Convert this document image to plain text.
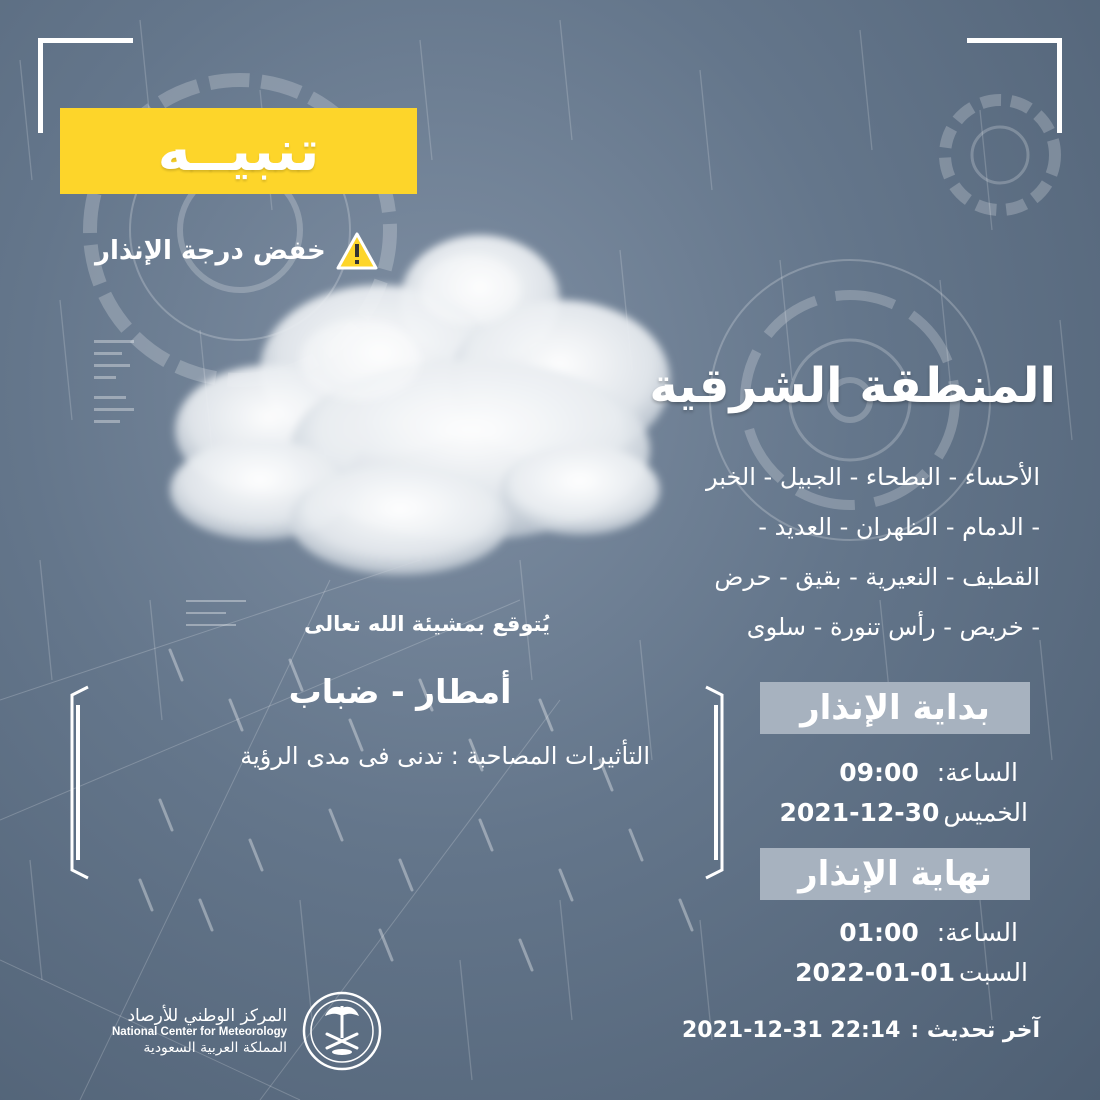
تنبيــه
خفض درجة الإنذار
المنطقة الشرقية
الأحساء - البطحاء - الجبيل - الخبر
- الدمام - الظهران - العديد -
القطيف - النعيرية - بقيق - حرض
- خريص - رأس تنورة - سلوى
يُتوقع بمشيئة الله تعالى
أمطار - ضباب
التأثيرات المصاحبة : تدنى فى مدى الرؤية
بداية الإنذار
الساعة:
09:00
الخميس
2021-12-30
نهاية الإنذار
الساعة:
01:00
السبت
2022-01-01
آخر تحديث :
2021-12-31 22:14
المركز الوطني للأرصاد
National Center for Meteorology
المملكة العربية السعودية
